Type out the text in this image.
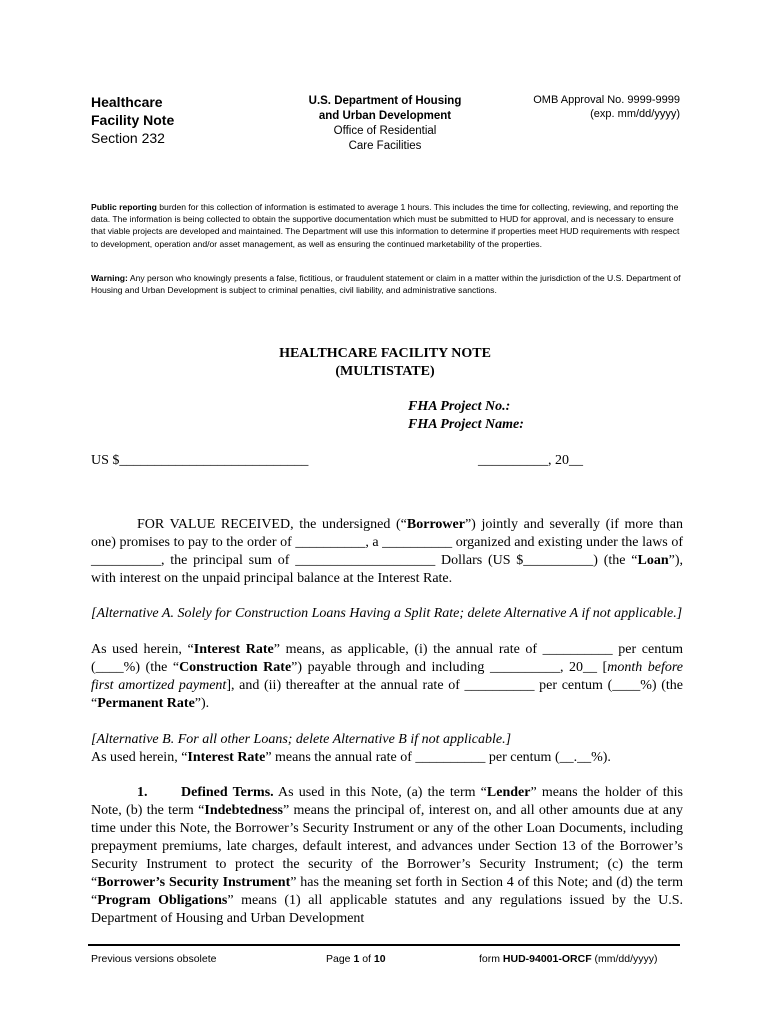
Healthcare
Facility Note
Section 232
U.S. Department of Housing
and Urban Development
Office of Residential
Care Facilities
OMB Approval No. 9999-9999
(exp. mm/dd/yyyy)
Public reporting burden for this collection of information is estimated to average 1 hours. This includes the time for collecting, reviewing, and reporting the data. The information is being collected to obtain the supportive documentation which must be submitted to HUD for approval, and is necessary to ensure that viable projects are developed and maintained. The Department will use this information to determine if properties meet HUD requirements with respect to development, operation and/or asset management, as well as ensuring the continued marketability of the properties.
Warning: Any person who knowingly presents a false, fictitious, or fraudulent statement or claim in a matter within the jurisdiction of the U.S. Department of Housing and Urban Development is subject to criminal penalties, civil liability, and administrative sanctions.
HEALTHCARE FACILITY NOTE
(MULTISTATE)
FHA Project No.:
FHA Project Name:
US $___________________________	__________, 20__
FOR VALUE RECEIVED, the undersigned (“Borrower”) jointly and severally (if more than one) promises to pay to the order of __________, a __________ organized and existing under the laws of __________, the principal sum of ____________________ Dollars (US $__________) (the “Loan”), with interest on the unpaid principal balance at the Interest Rate.
[Alternative A. Solely for Construction Loans Having a Split Rate; delete Alternative A if not applicable.]
As used herein, “Interest Rate” means, as applicable, (i) the annual rate of __________ per centum (____%) (the “Construction Rate”) payable through and including __________, 20__ [month before first amortized payment], and (ii) thereafter at the annual rate of __________ per centum (____%) (the “Permanent Rate”).
[Alternative B. For all other Loans; delete Alternative B if not applicable.]
As used herein, “Interest Rate” means the annual rate of __________ per centum (__.__%).
1. Defined Terms. As used in this Note, (a) the term “Lender” means the holder of this Note, (b) the term “Indebtedness” means the principal of, interest on, and all other amounts due at any time under this Note, the Borrower’s Security Instrument or any of the other Loan Documents, including prepayment premiums, late charges, default interest, and advances under Section 13 of the Borrower’s Security Instrument to protect the security of the Borrower’s Security Instrument; (c) the term “Borrower’s Security Instrument” has the meaning set forth in Section 4 of this Note; and (d) the term “Program Obligations” means (1) all applicable statutes and any regulations issued by the U.S. Department of Housing and Urban Development
Previous versions obsolete	Page 1 of 10	form HUD-94001-ORCF (mm/dd/yyyy)
